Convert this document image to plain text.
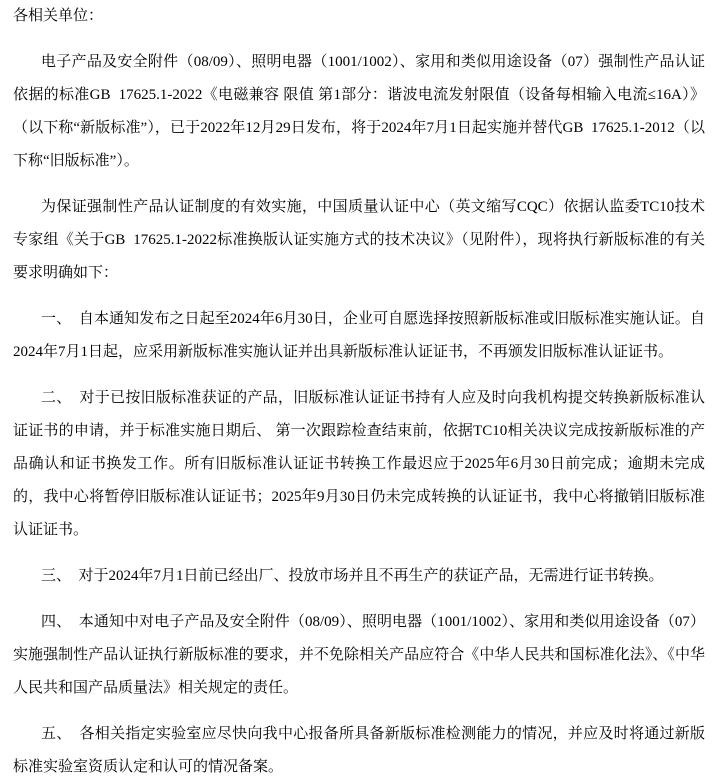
各相关单位：

电子产品及安全附件（08/09）、照明电器（1001/1002）、家用和类似用途设备（07）强制性产品认证依据的标准GB  17625.1-2022《电磁兼容 限值 第1部分：谐波电流发射限值（设备每相输入电流≤16A）》（以下称“新版标准”），已于2022年12月29日发布，将于2024年7月1日起实施并替代GB  17625.1-2012（以下称“旧版标准”）。

为保证强制性产品认证制度的有效实施，中国质量认证中心（英文缩写CQC）依据认监委TC10技术专家组《关于GB  17625.1-2022标准换版认证实施方式的技术决议》（见附件），现将执行新版标准的有关要求明确如下：

一、  自本通知发布之日起至2024年6月30日，企业可自愿选择按照新版标准或旧版标准实施认证。自2024年7月1日起，应采用新版标准实施认证并出具新版标准认证证书，不再颁发旧版标准认证证书。

二、  对于已按旧版标准获证的产品，旧版标准认证证书持有人应及时向我机构提交转换新版标准认证证书的申请，并于标准实施日期后、 第一次跟踪检查结束前，依据TC10相关决议完成按新版标准的产品确认和证书换发工作。所有旧版标准认证证书转换工作最迟应于2025年6月30日前完成；逾期未完成的，我中心将暂停旧版标准认证证书；2025年9月30日仍未完成转换的认证证书，我中心将撤销旧版标准认证证书。

三、  对于2024年7月1日前已经出厂、投放市场并且不再生产的获证产品，无需进行证书转换。

四、  本通知中对电子产品及安全附件（08/09）、照明电器（1001/1002）、家用和类似用途设备（07）实施强制性产品认证执行新版标准的要求，并不免除相关产品应符合《中华人民共和国标准化法》、《中华人民共和国产品质量法》相关规定的责任。

五、  各相关指定实验室应尽快向我中心报备所具备新版标准检测能力的情况，并应及时将通过新版标准实验室资质认定和认可的情况备案。
